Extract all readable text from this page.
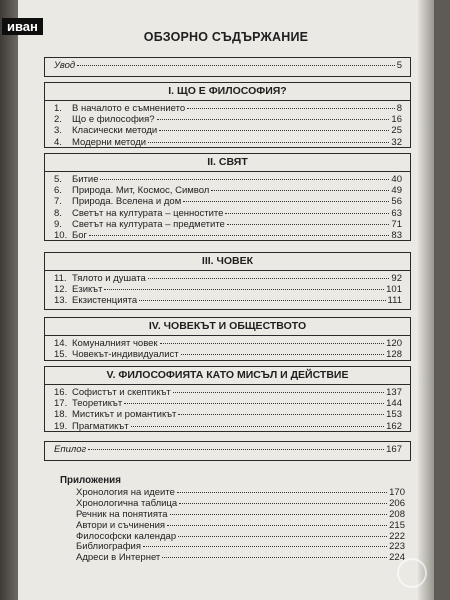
иван
ОБЗОРНО СЪДЪРЖАНИЕ
Увод	5
I. ЩО Е ФИЛОСОФИЯ?
1.	В началото е съмнението	8
2.	Що е философия?	16
3.	Класически методи	25
4.	Модерни методи	32
II. СВЯТ
5.	Битие	40
6.	Природа. Мит, Космос, Символ	49
7.	Природа. Вселена и дом	56
8.	Светът на културата – ценностите	63
9.	Светът на културата – предметите	71
10. Бог	83
III. ЧОВЕК
11. Тялото и душата	92
12. Езикът	101
13. Екзистенцията	111
IV. ЧОВЕКЪТ И ОБЩЕСТВОТО
14. Комуналният човек	120
15. Човекът-индивидуалист	128
V. ФИЛОСОФИЯТА КАТО МИСЪЛ И ДЕЙСТВИЕ
16. Софистът и скептикът	137
17. Теоретикът	144
18. Мистикът и романтикът	153
19. Прагматикът	162
Епилог	167
Приложения
Хронология на идеите	170
Хронологична таблица	206
Речник на понятията	208
Автори и съчинения	215
Философски календар	222
Библиография	223
Адреси в Интернет	224
